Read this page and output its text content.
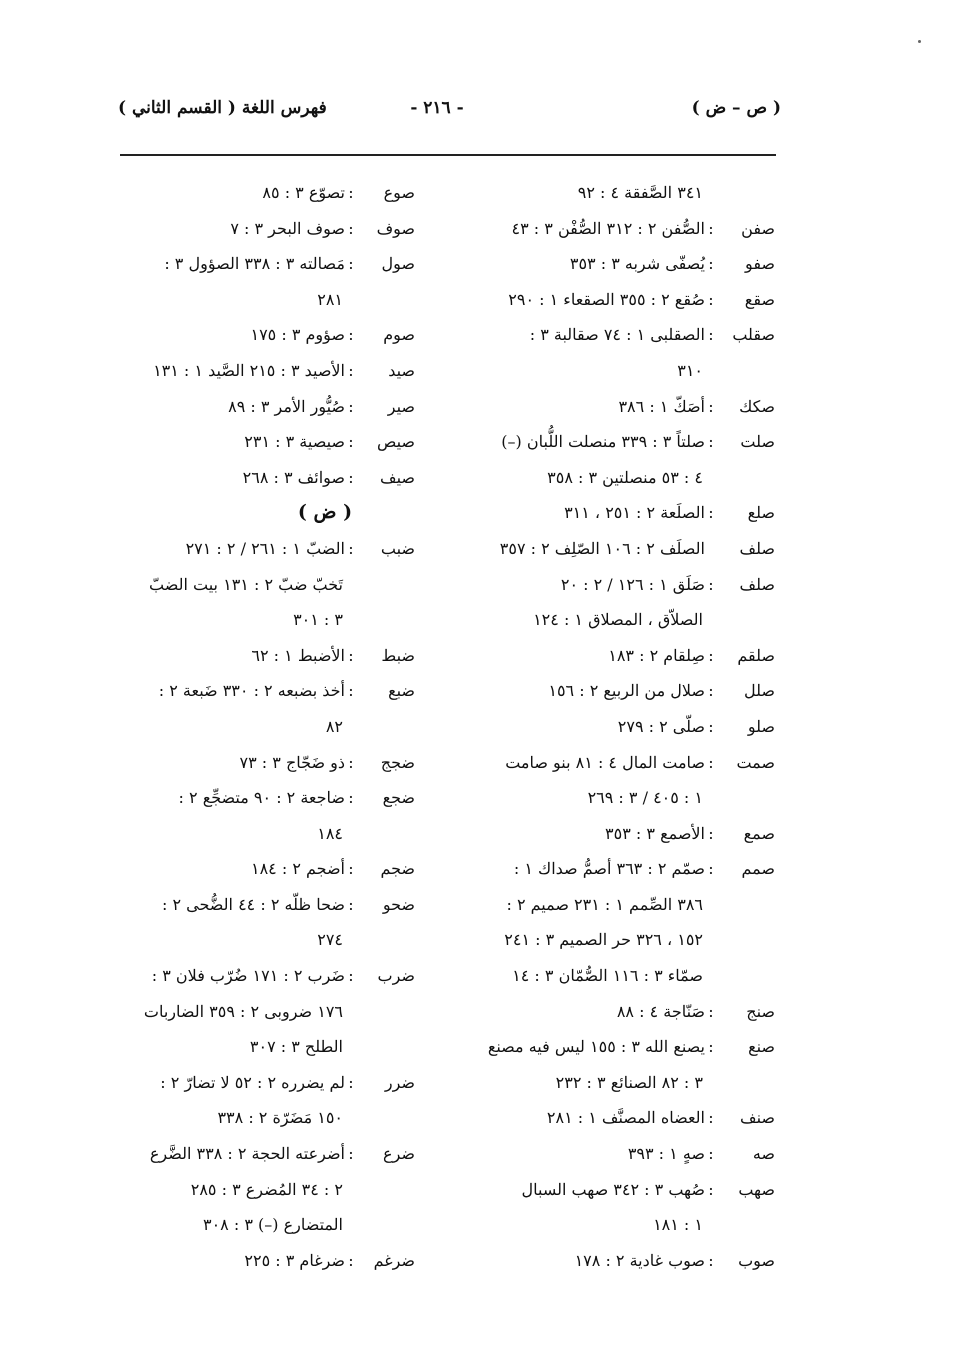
فهرس اللغة ( القسم الثاني )	- ٢١٦ -	( ص – ض )
٣٤١ الصَّفقة ٤ : ٩٢
صفن:الصُّفن ٢ : ٣١٢ الصُّفْن ٣ : ٤٣
صفو:يُصفّى شربه ٣ : ٣٥٣
صقع:صُقع ٢ : ٣٥٥ الصقعاء ١ : ٢٩٠
صقلب:الصقلبى ١ : ٧٤ صقالبة ٣ :
٣١٠
صكك:أصَكّ ١ : ٣٨٦
صلت:صلتاً ٣ : ٣٣٩ منصلت اللُّبان (–)
٤ : ٥٣ منصلتين ٣ : ٣٥٨
صلع:الصلَعة ٢ : ٢٥١ ، ٣١١
صلفالصلَف ٢ : ١٠٦ الصّلِف ٢ : ٣٥٧
صلف:صَلَق ١ : ١٢٦ / ٢ : ٢٠
الصلاّق ، المصلاق ١ : ١٢٤
صلقم:صِلقام ٢ : ١٨٣
صلل:صلال من الربيع ٢ : ١٥٦
صلو:صلّى ٢ : ٢٧٩
صمت:صامت المال ٤ : ٨١ بنو صامت
١ : ٤٠٥ / ٣ : ٢٦٩
صمع:الأصمع ٣ : ٣٥٣
صمم:صمّم ٢ : ٣٦٣ أصمُّ صداك ١ :
٣٨٦ الصِّمم ١ : ٢٣١ صميم ٢ :
١٥٢ ، ٣٢٦ حر الصميم ٣ : ٢٤١
صمّاء ٣ : ١١٦ الصُّمّان ٣ : ١٤
صنج:صَنّاجة ٤ : ٨٨
صنع:يصنع الله ٣ : ١٥٥ ليس فيه مصنع
٣ : ٨٢ الصنائع ٣ : ٢٣٢
صنف:العضاه المصنَّف ١ : ٢٨١
صه:صهٍ ١ : ٣٩٣
صهب:صُهب ٣ : ٣٤٢ صهب السبال
١ : ١٨١
صوب:صوب غادية ٢ : ١٧٨
صوع:تصوّع ٣ : ٨٥
صوف:صوف البحر ٣ : ٧
صول:مَصالته ٣ : ٣٣٨ الصؤول ٣ :
٢٨١
صوم:صؤوم ٣ : ١٧٥
صيد:الأصيد ٣ : ٢١٥ الصَّيد ١ : ١٣١
صير:صُيُّور الأمر ٣ : ٨٩
صيص:صيصية ٣ : ٢٣١
صيف:صوائف ٣ : ٢٦٨
( ض )
ضبب:الضبّ ١ : ٢٦١ / ٢ : ٢٧١
تَخبّ ضبّ ٢ : ١٣١ بيت الضبّ
٣ : ٣٠١
ضبط:الأضبط ١ : ٦٢
ضبع:أخذ بضبعه ٢ : ٣٣٠ ضَبعة ٢ :
٨٢
ضجج:ذو ضَجّاج ٣ : ٧٣
ضجع:ضاجعة ٢ : ٩٠ متضجِّع ٢ :
١٨٤
ضجم:أضجم ٢ : ١٨٤
ضحو:ضحا ظلّه ٢ : ٤٤ الضُّحى ٢ :
٢٧٤
ضرب:ضَرب ٢ : ١٧١ ضُرّب فلان ٣ :
١٧٦ ضروبى ٢ : ٣٥٩ الضاربات
الطلح ٣ : ٣٠٧
ضرر:لم يضرره ٢ : ٥٢ لا تضارّ ٢ :
١٥٠ مَضَرّة ٢ : ٣٣٨
ضرع:أضرعته الحجة ٢ : ٣٣٨ الضَّرع
٢ : ٣٤ المُضرع ٣ : ٢٨٥
المتضارع (–) ٣ : ٣٠٨
ضرغم:ضرغام ٣ : ٢٢٥
